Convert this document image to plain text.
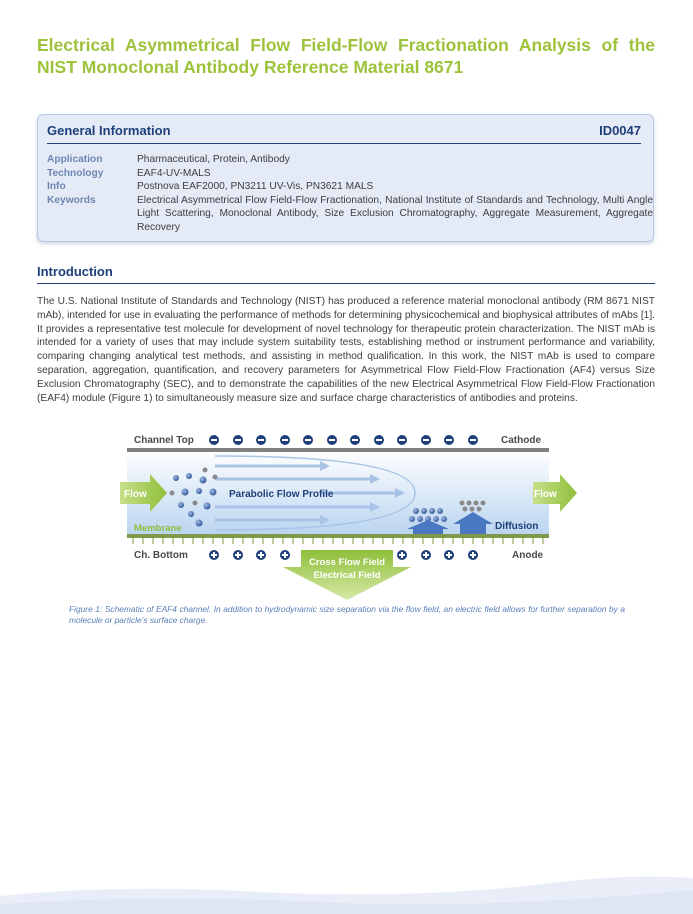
Electrical Asymmetrical Flow Field-Flow Fractionation Analysis of the NIST Monoclonal Antibody Reference Material 8671
General Information	ID0047
Application	Pharmaceutical, Protein, Antibody
Technology	EAF4-UV-MALS
Info	Postnova EAF2000, PN3211 UV-Vis, PN3621 MALS
Keywords	Electrical Asymmetrical Flow Field-Flow Fractionation, National Institute of Standards and Technology, Multi Angle Light Scattering, Monoclonal Antibody, Size Exclusion Chromatography, Aggregate Measurement, Aggregate Recovery
Introduction
The U.S. National Institute of Standards and Technology (NIST) has produced a reference material monoclonal antibody (RM 8671 NIST mAb), intended for use in evaluating the performance of methods for determining physicochemical and biophysical attributes of mAbs [1]. It provides a representative test molecule for development of novel technology for therapeutic protein characterization. The NIST mAb is intended for a variety of uses that may include system suitability tests, establishing method or instrument performance and variability, comparing changing analytical test methods, and assisting in method qualification. In this work, the NIST mAb is used to compare separation, aggregation, quantification, and recovery parameters for Asymmetrical Flow Field-Flow Fractionation (AF4) versus Size Exclusion Chromatography (SEC), and to demonstrate the capabilities of the new Electrical Asymmetrical Flow Field-Flow Fractionation (EAF4) module (Figure 1) to simultaneously measure size and surface charge characteristics of antibodies and proteins.
Flow	Flow
Parabolic Flow Profile
Diffusion
Membrane
Channel Top	Cathode
Ch. Bottom	Anode
Cross Flow Field
Electrical Field
Figure 1: Schematic of EAF4 channel. In addition to hydrodynamic size separation via the flow field, an electric field allows for further separation by a molecule or particle’s surface charge.
